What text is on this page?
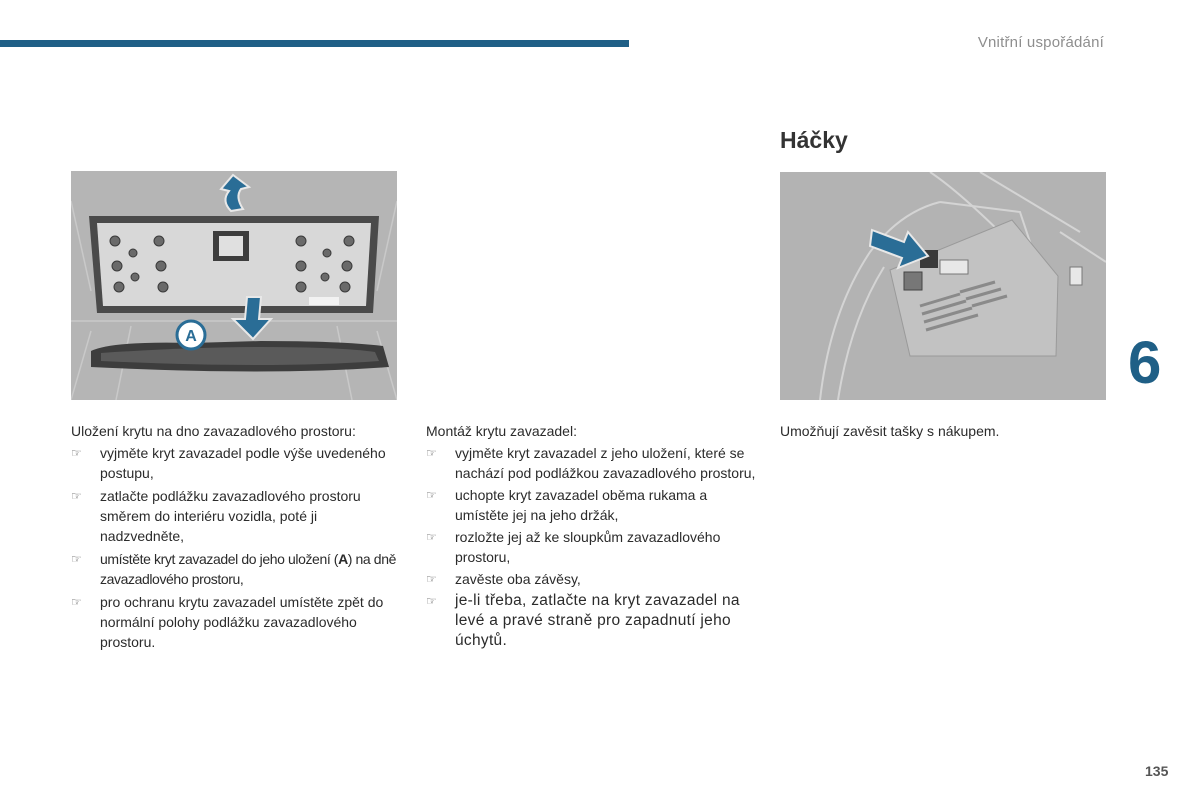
Vnitřní uspořádání
Háčky
A

Uložení krytu na dno zavazadlového prostoru:

☞ vyjměte kryt zavazadel podle výše uvedeného postupu,
☞ zatlačte podlážku zavazadlového prostoru směrem do interiéru vozidla, poté ji nadzvedněte,
☞ umístěte kryt zavazadel do jeho uložení (A) na dně zavazadlového prostoru,
☞ pro ochranu krytu zavazadel umístěte zpět do normální polohy podlážku zavazadlového prostoru.

Montáž krytu zavazadel:

☞ vyjměte kryt zavazadel z jeho uložení, které se nachází pod podlážkou zavazadlového prostoru,
☞ uchopte kryt zavazadel oběma rukama a umístěte jej na jeho držák,
☞ rozložte jej až ke sloupkům zavazadlového prostoru,
☞ zavěste oba závěsy,
☞ je-li třeba, zatlačte na kryt zavazadel na levé a pravé straně pro zapadnutí jeho úchytů.

Umožňují zavěsit tašky s nákupem.

6
135
